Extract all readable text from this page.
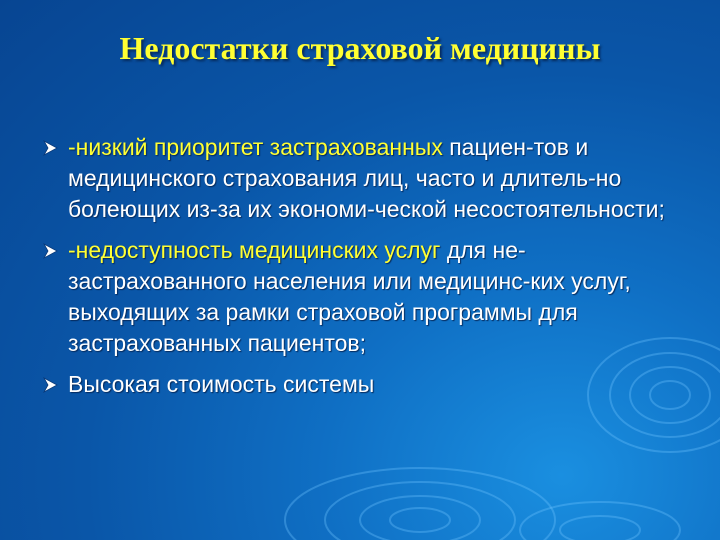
Недостатки страховой медицины
-низкий приоритет застрахованных пациен-тов и медицинского страхования лиц, часто и длитель-но болеющих из-за их экономи-ческой несостоятельности;
-недоступность медицинских услуг для не-застрахованного населения или медицинс-ких услуг, выходящих за рамки страховой программы для застрахованных пациентов;
Высокая стоимость системы
